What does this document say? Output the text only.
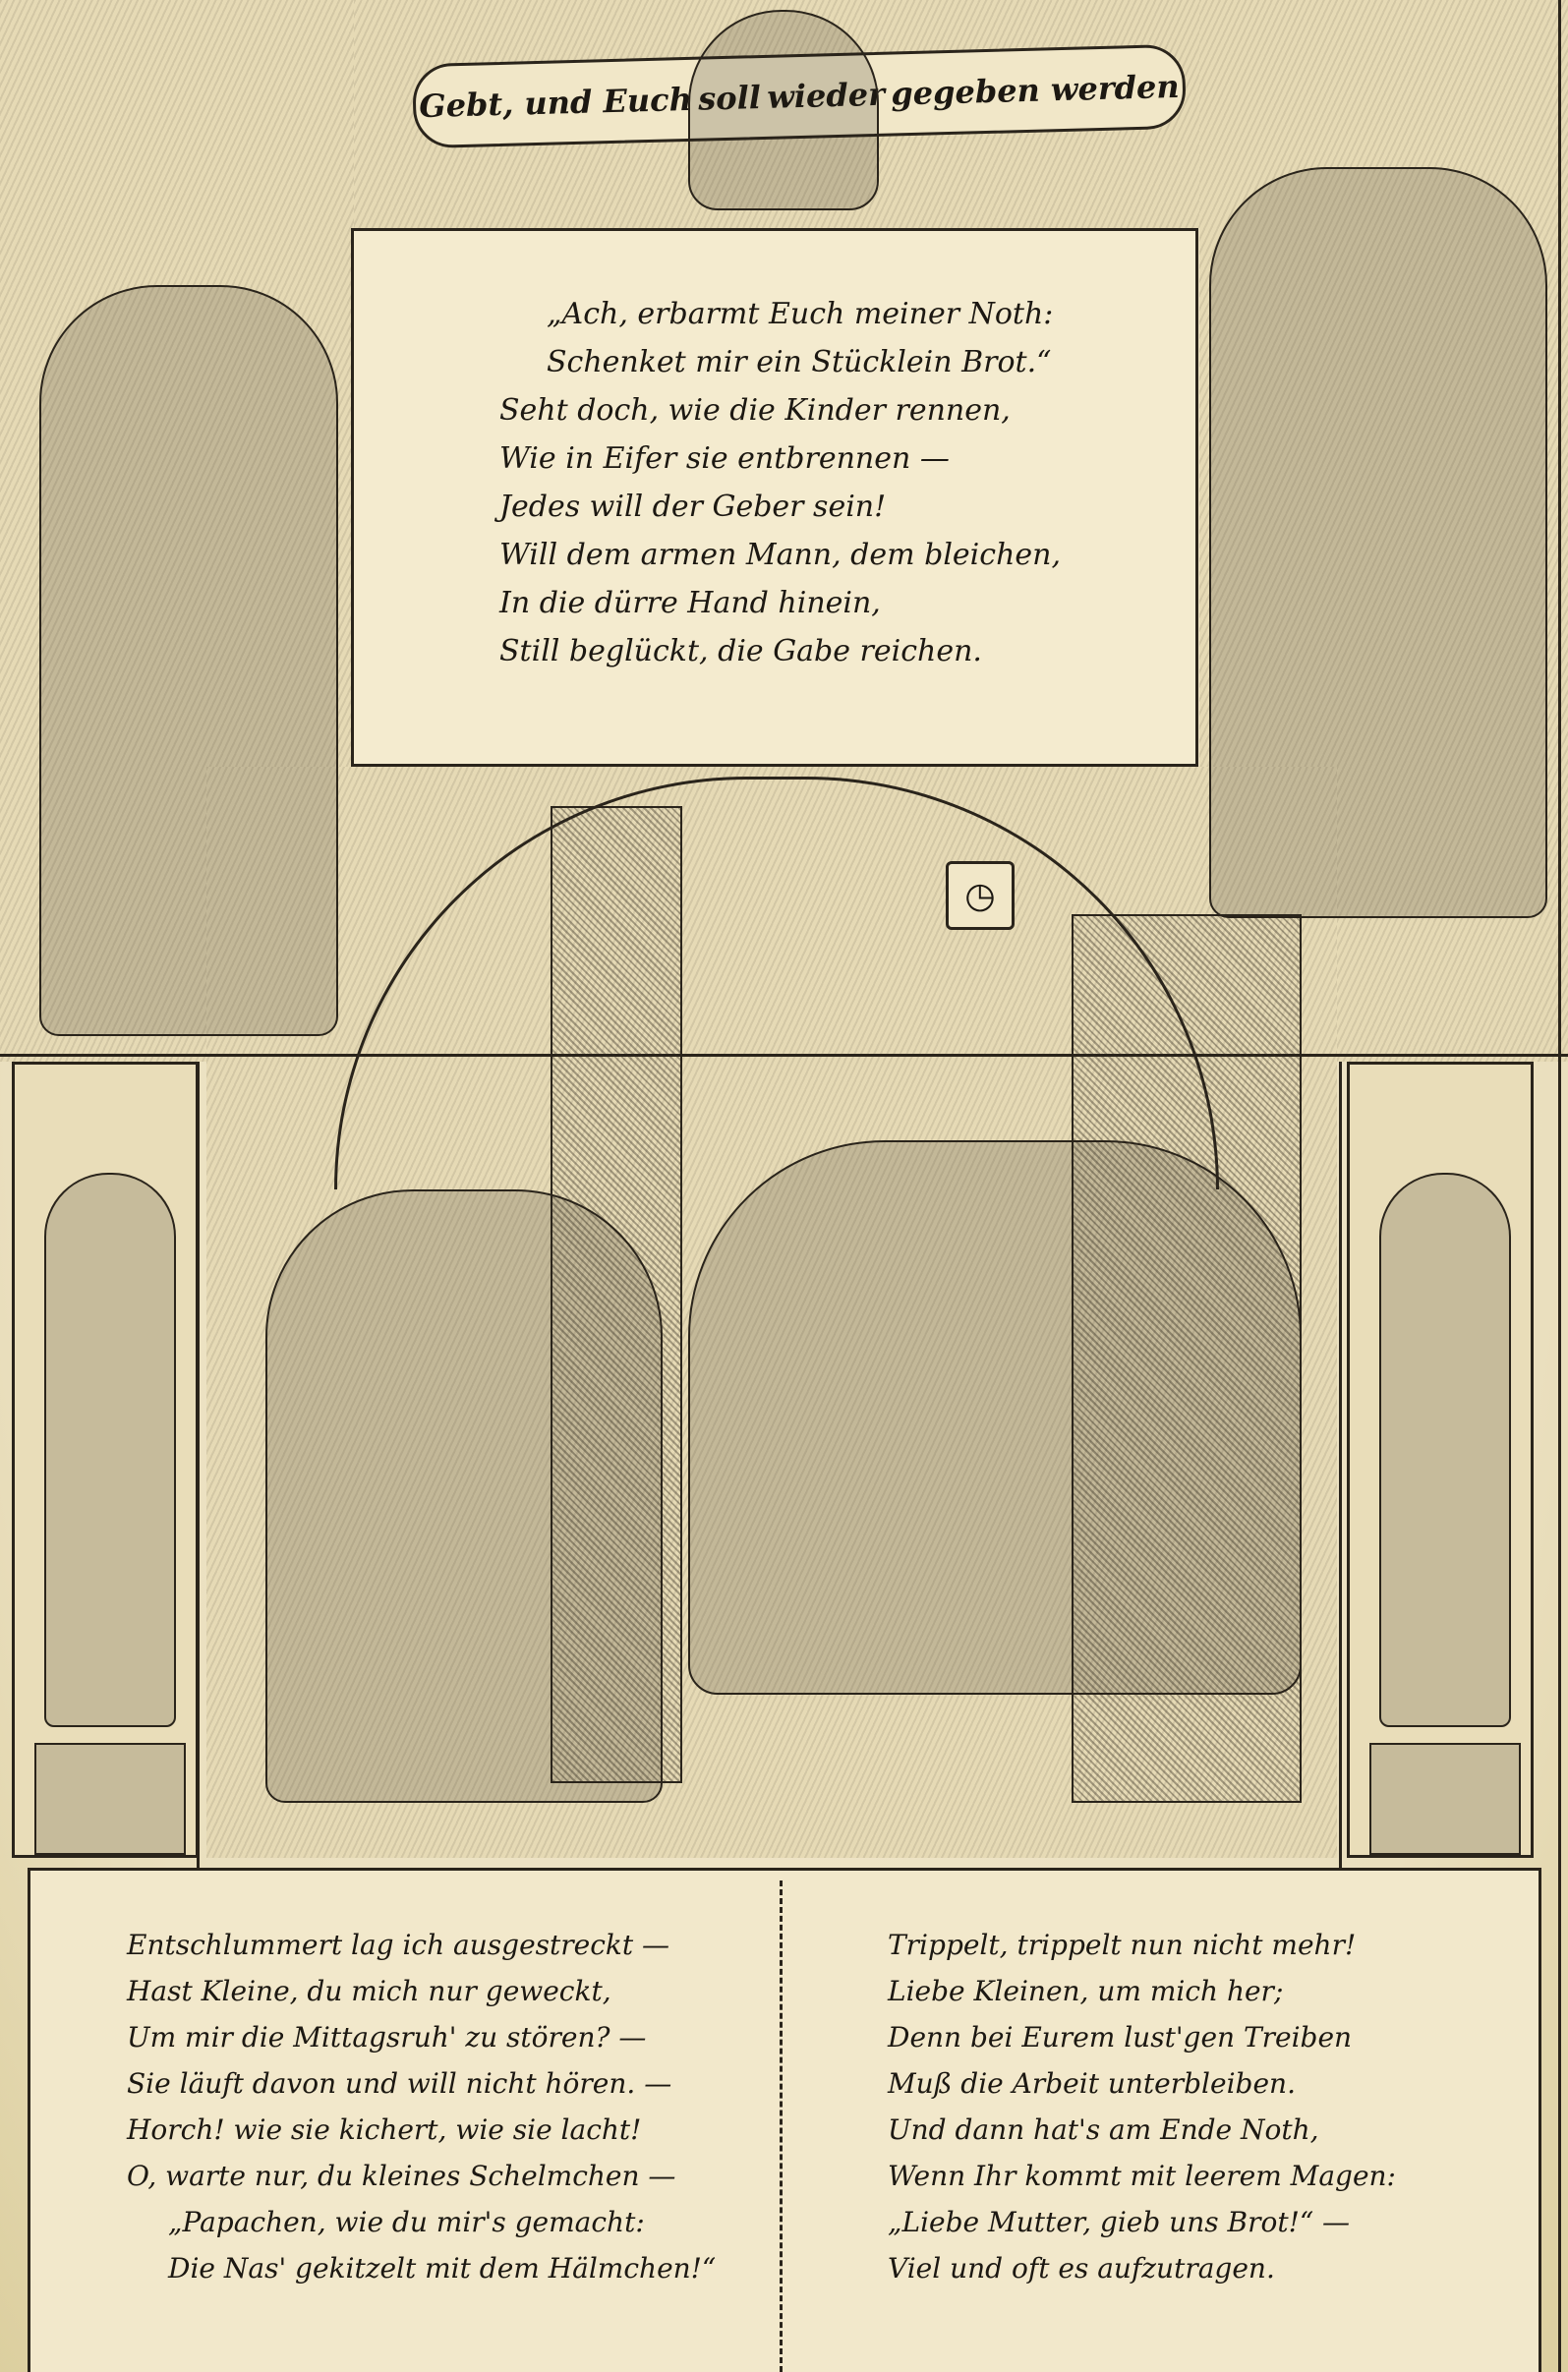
◷
Gebt, und Euch soll wieder gegeben werden
„Ach, erbarmt Euch meiner Noth:
Schenket mir ein Stücklein Brot.“
Seht doch, wie die Kinder rennen,
Wie in Eifer sie entbrennen —
Jedes will der Geber sein!
Will dem armen Mann, dem bleichen,
In die dürre Hand hinein,
Still beglückt, die Gabe reichen.
Entschlummert lag ich ausgestreckt —
Hast Kleine, du mich nur geweckt,
Um mir die Mittagsruh' zu stören? —
Sie läuft davon und will nicht hören. —
Horch! wie sie kichert, wie sie lacht!
O, warte nur, du kleines Schelmchen —
„Papachen, wie du mir's gemacht:
Die Nas' gekitzelt mit dem Hälmchen!“
Trippelt, trippelt nun nicht mehr!
Liebe Kleinen, um mich her;
Denn bei Eurem lust'gen Treiben
Muß die Arbeit unterbleiben.
Und dann hat's am Ende Noth,
Wenn Ihr kommt mit leerem Magen:
„Liebe Mutter, gieb uns Brot!“ —
Viel und oft es aufzutragen.
